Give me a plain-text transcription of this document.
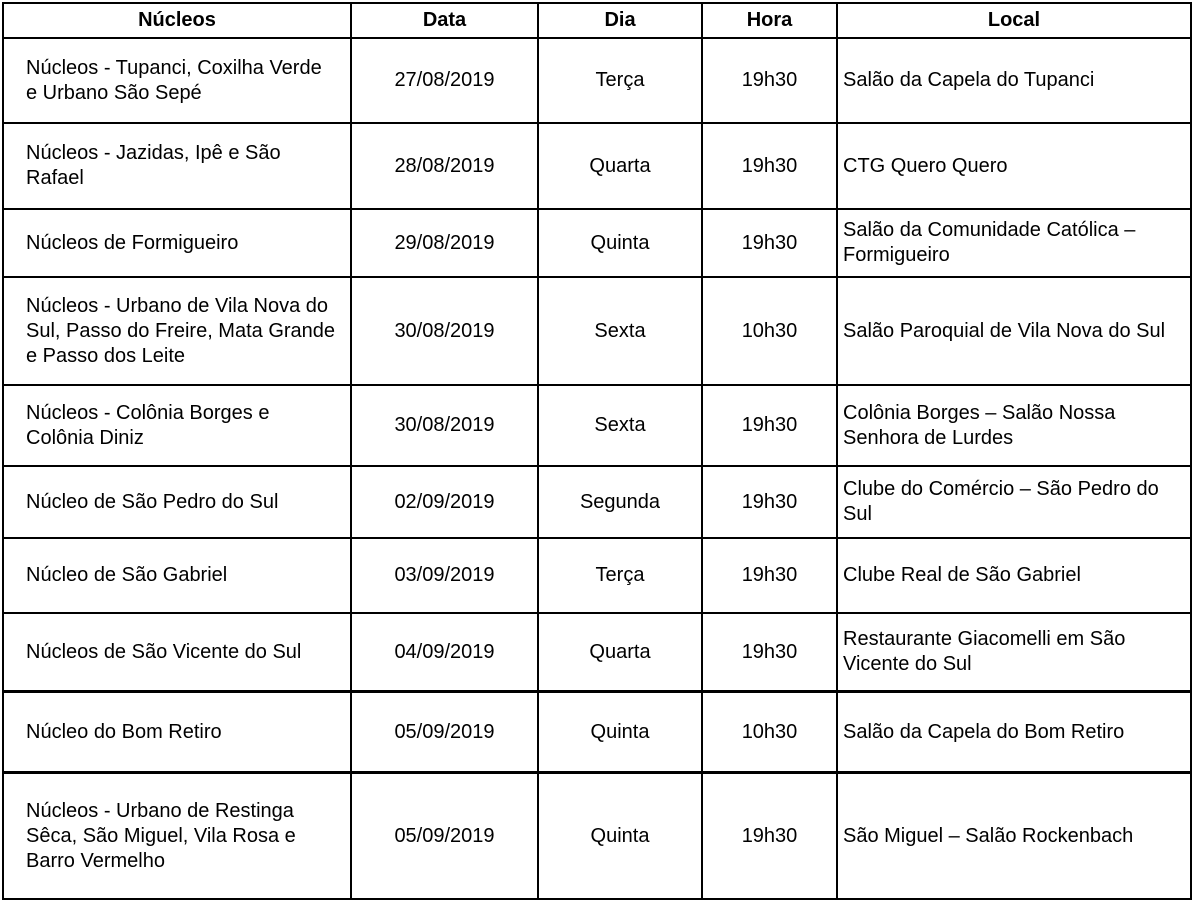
Núcleos	Data	Dia	Hora	Local
Núcleos - Tupanci, Coxilha Verde
e Urbano São Sepé	27/08/2019	Terça	19h30	Salão da Capela do Tupanci
Núcleos - Jazidas, Ipê e São
Rafael	28/08/2019	Quarta	19h30	CTG Quero Quero
Núcleos de Formigueiro	29/08/2019	Quinta	19h30	Salão da Comunidade Católica –
Formigueiro
Núcleos - Urbano de Vila Nova do
Sul, Passo do Freire, Mata Grande
e Passo dos Leite	30/08/2019	Sexta	10h30	Salão Paroquial de Vila Nova do Sul
Núcleos - Colônia Borges e
Colônia Diniz	30/08/2019	Sexta	19h30	Colônia Borges – Salão Nossa
Senhora de Lurdes
Núcleo de São Pedro do Sul	02/09/2019	Segunda	19h30	Clube do Comércio – São Pedro do
Sul
Núcleo de São Gabriel	03/09/2019	Terça	19h30	Clube Real de São Gabriel
Núcleos de São Vicente do Sul	04/09/2019	Quarta	19h30	Restaurante Giacomelli em São
Vicente do Sul
Núcleo do Bom Retiro	05/09/2019	Quinta	10h30	Salão da Capela do Bom Retiro
Núcleos - Urbano de Restinga
Sêca, São Miguel, Vila Rosa e
Barro Vermelho	05/09/2019	Quinta	19h30	São Miguel – Salão Rockenbach
